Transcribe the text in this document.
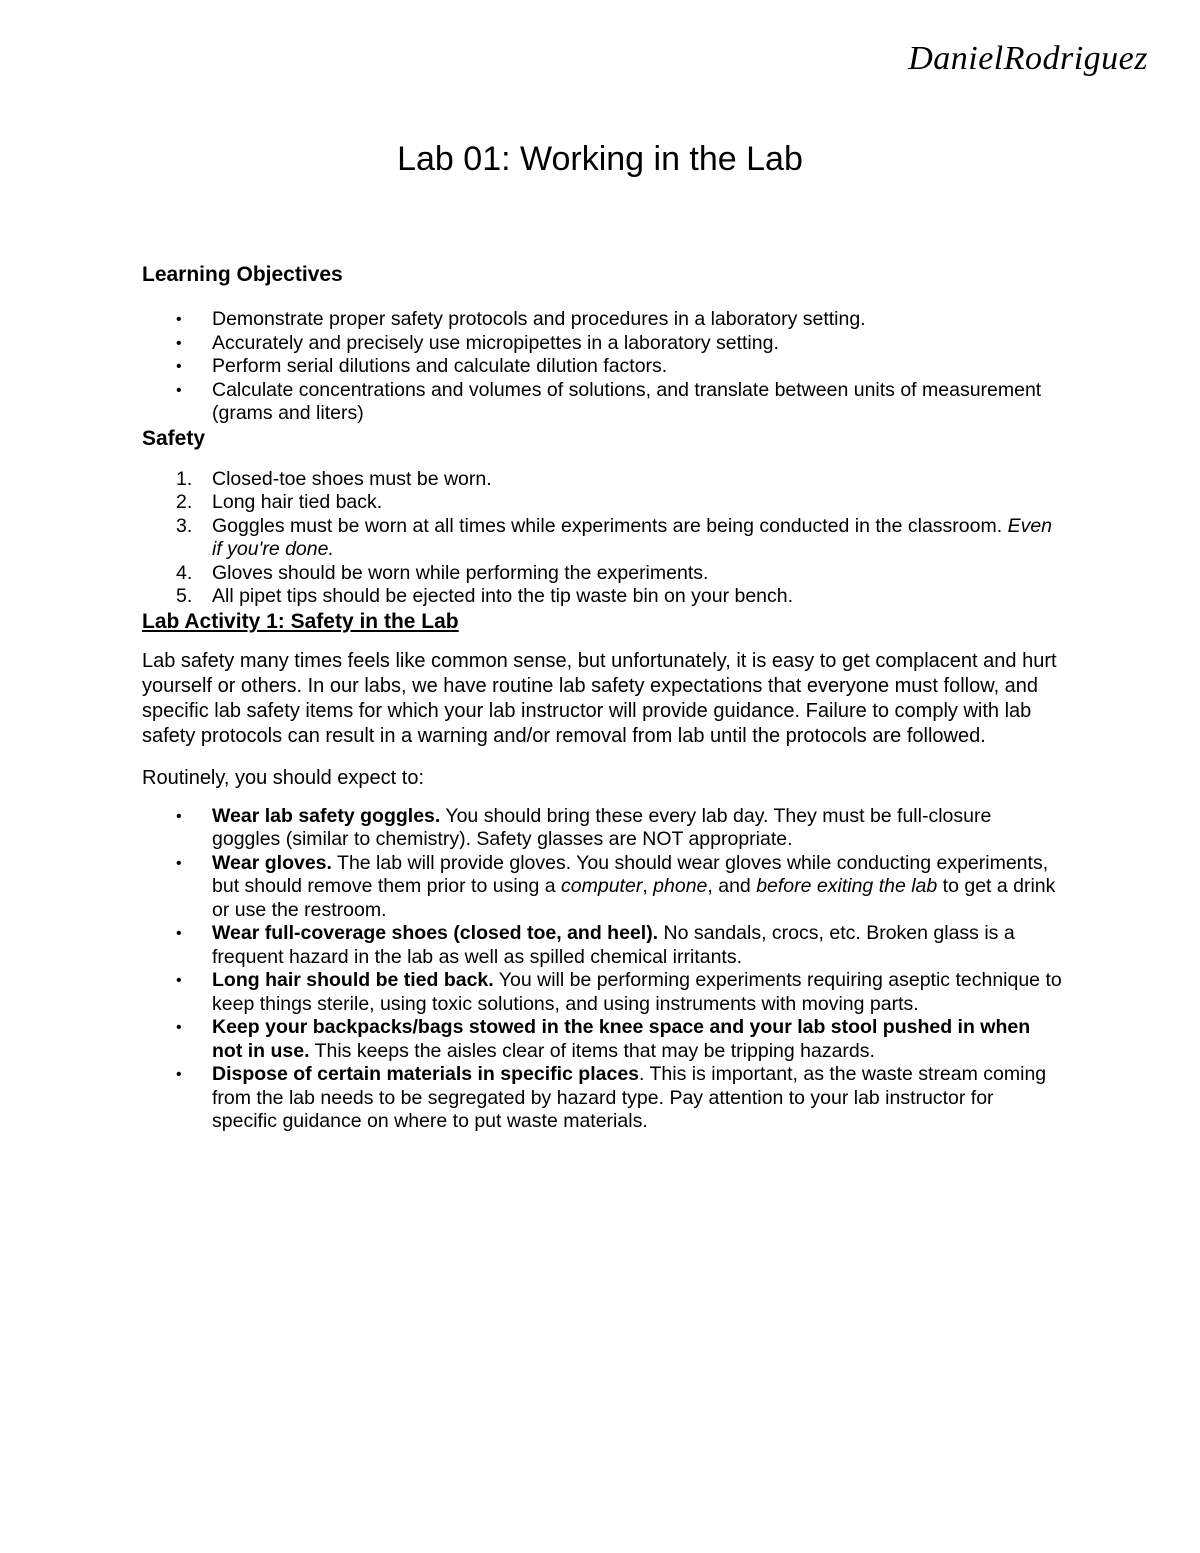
DanielRodriguez
Lab 01: Working in the Lab
Learning Objectives
• Demonstrate proper safety protocols and procedures in a laboratory setting.
• Accurately and precisely use micropipettes in a laboratory setting.
• Perform serial dilutions and calculate dilution factors.
• Calculate concentrations and volumes of solutions, and translate between units of measurement (grams and liters)
Safety
1. Closed-toe shoes must be worn.
2. Long hair tied back.
3. Goggles must be worn at all times while experiments are being conducted in the classroom. Even if you're done.
4. Gloves should be worn while performing the experiments.
5. All pipet tips should be ejected into the tip waste bin on your bench.
Lab Activity 1: Safety in the Lab

Lab safety many times feels like common sense, but unfortunately, it is easy to get complacent and hurt yourself or others. In our labs, we have routine lab safety expectations that everyone must follow, and specific lab safety items for which your lab instructor will provide guidance. Failure to comply with lab safety protocols can result in a warning and/or removal from lab until the protocols are followed.

Routinely, you should expect to:

• Wear lab safety goggles. You should bring these every lab day. They must be full-closure goggles (similar to chemistry). Safety glasses are NOT appropriate.
• Wear gloves. The lab will provide gloves. You should wear gloves while conducting experiments, but should remove them prior to using a computer, phone, and before exiting the lab to get a drink or use the restroom.
• Wear full-coverage shoes (closed toe, and heel). No sandals, crocs, etc. Broken glass is a frequent hazard in the lab as well as spilled chemical irritants.
• Long hair should be tied back. You will be performing experiments requiring aseptic technique to keep things sterile, using toxic solutions, and using instruments with moving parts.
• Keep your backpacks/bags stowed in the knee space and your lab stool pushed in when not in use. This keeps the aisles clear of items that may be tripping hazards.
• Dispose of certain materials in specific places. This is important, as the waste stream coming from the lab needs to be segregated by hazard type. Pay attention to your lab instructor for specific guidance on where to put waste materials.
